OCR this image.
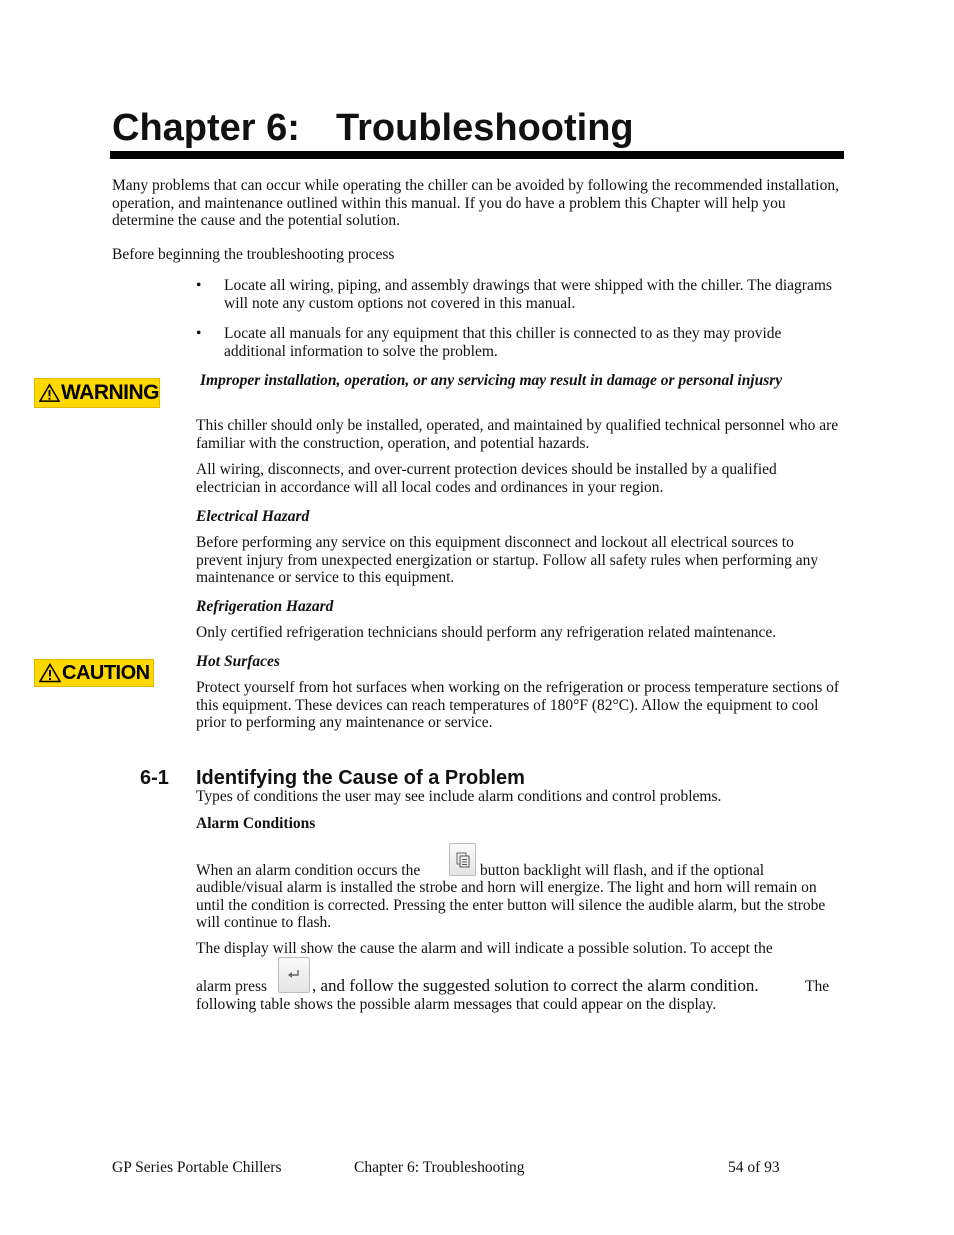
Chapter 6: Troubleshooting
Many problems that can occur while operating the chiller can be avoided by following the recommended installation, operation, and maintenance outlined within this manual. If you do have a problem this Chapter will help you determine the cause and the potential solution.
Before beginning the troubleshooting process
• Locate all wiring, piping, and assembly drawings that were shipped with the chiller. The diagrams will note any custom options not covered in this manual.
• Locate all manuals for any equipment that this chiller is connected to as they may provide additional information to solve the problem.
WARNING
Improper installation, operation, or any servicing may result in damage or personal injusry
This chiller should only be installed, operated, and maintained by qualified technical personnel who are familiar with the construction, operation, and potential hazards.
All wiring, disconnects, and over-current protection devices should be installed by a qualified electrician in accordance will all local codes and ordinances in your region.
Electrical Hazard
Before performing any service on this equipment disconnect and lockout all electrical sources to prevent injury from unexpected energization or startup. Follow all safety rules when performing any maintenance or service to this equipment.
Refrigeration Hazard
Only certified refrigeration technicians should perform any refrigeration related maintenance.
CAUTION	Hot Surfaces
Protect yourself from hot surfaces when working on the refrigeration or process temperature sections of this equipment. These devices can reach temperatures of 180°F (82°C). Allow the equipment to cool prior to performing any maintenance or service.
6-1 Identifying the Cause of a Problem
Types of conditions the user may see include alarm conditions and control problems.
Alarm Conditions
When an alarm condition occurs the	button backlight will flash, and if the optional
audible/visual alarm is installed the strobe and horn will energize. The light and horn will remain on until the condition is corrected. Pressing the enter button will silence the audible alarm, but the strobe will continue to flash.
The display will show the cause the alarm and will indicate a possible solution. To accept the
alarm press	, and follow the suggested solution to correct the alarm condition.	The
following table shows the possible alarm messages that could appear on the display.
GP Series Portable Chillers	Chapter 6: Troubleshooting	54 of 93
